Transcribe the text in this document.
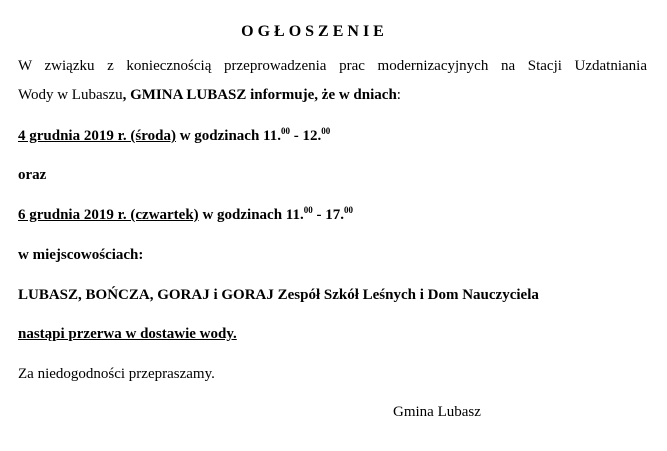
OGŁOSZENIE
W związku z koniecznością przeprowadzenia prac modernizacyjnych na Stacji Uzdatniania
Wody w Lubaszu, GMINA LUBASZ informuje, że w dniach:
4 grudnia 2019 r. (środa) w godzinach 11.00 - 12.00
oraz
6 grudnia 2019 r. (czwartek) w godzinach 11.00 - 17.00
w miejscowościach:
LUBASZ, BOŃCZA, GORAJ i GORAJ Zespół Szkół Leśnych i Dom Nauczyciela
nastąpi przerwa w dostawie wody.
Za niedogodności przepraszamy.
Gmina Lubasz
